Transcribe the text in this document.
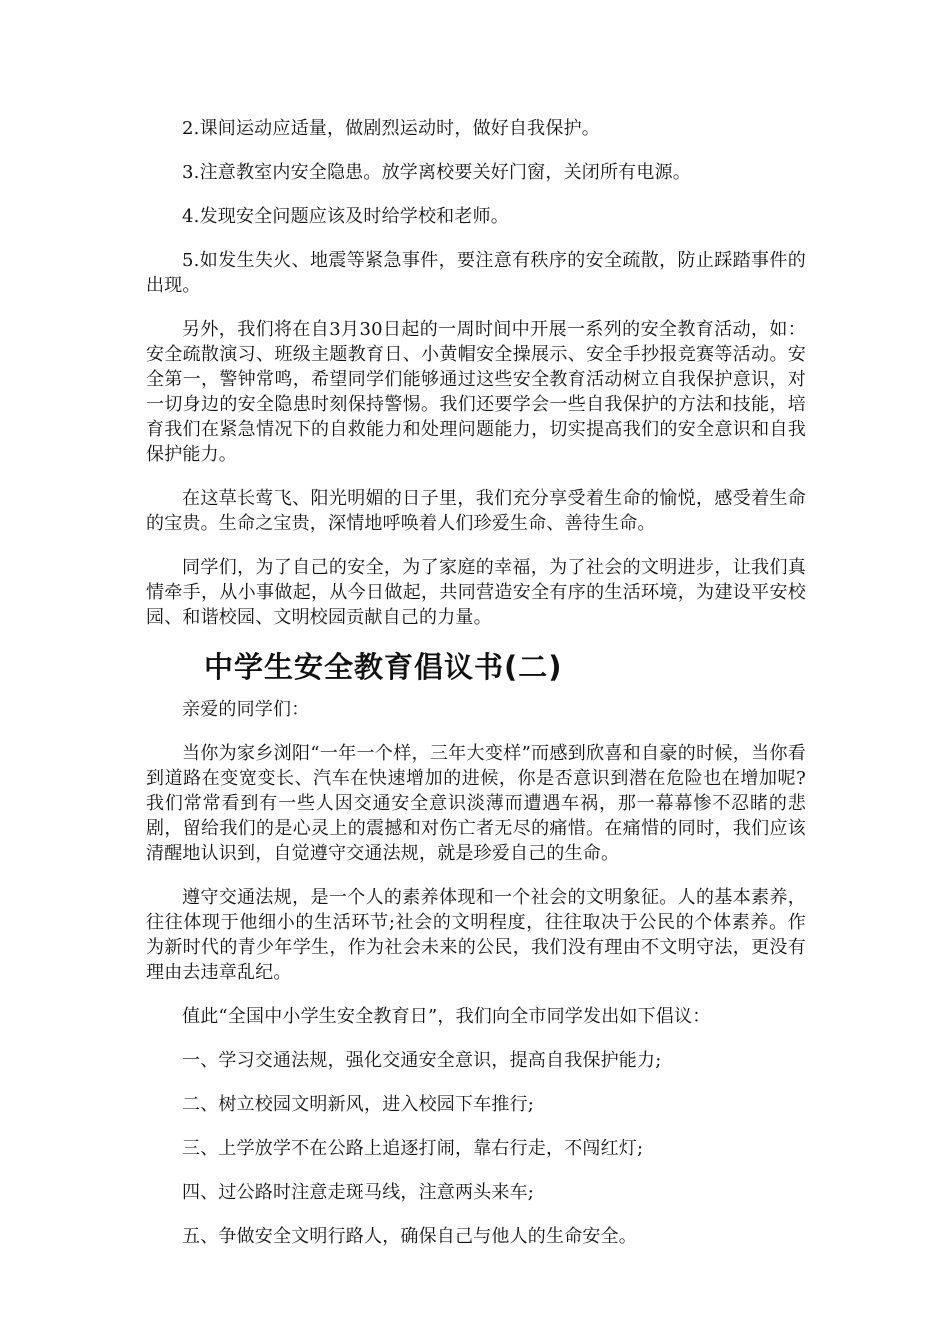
2.课间运动应适量，做剧烈运动时，做好自我保护。

3.注意教室内安全隐患。放学离校要关好门窗，关闭所有电源。

4.发现安全问题应该及时给学校和老师。

5.如发生失火、地震等紧急事件，要注意有秩序的安全疏散，防止踩踏事件的出现。

另外，我们将在自3月30日起的一周时间中开展一系列的安全教育活动，如：安全疏散演习、班级主题教育日、小黄帽安全操展示、安全手抄报竞赛等活动。安全第一，警钟常鸣，希望同学们能够通过这些安全教育活动树立自我保护意识，对一切身边的安全隐患时刻保持警惕。我们还要学会一些自我保护的方法和技能，培育我们在紧急情况下的自救能力和处理问题能力，切实提高我们的安全意识和自我保护能力。

在这草长莺飞、阳光明媚的日子里，我们充分享受着生命的愉悦，感受着生命的宝贵。生命之宝贵，深情地呼唤着人们珍爱生命、善待生命。

同学们，为了自己的安全，为了家庭的幸福，为了社会的文明进步，让我们真情牵手，从小事做起，从今日做起，共同营造安全有序的生活环境，为建设平安校园、和谐校园、文明校园贡献自己的力量。

中学生安全教育倡议书(二)

亲爱的同学们：

当你为家乡浏阳“一年一个样，三年大变样”而感到欣喜和自豪的时候，当你看到道路在变宽变长、汽车在快速增加的进候，你是否意识到潜在危险也在增加呢?我们常常看到有一些人因交通安全意识淡薄而遭遇车祸，那一幕幕惨不忍睹的悲剧，留给我们的是心灵上的震撼和对伤亡者无尽的痛惜。在痛惜的同时，我们应该清醒地认识到，自觉遵守交通法规，就是珍爱自己的生命。

遵守交通法规，是一个人的素养体现和一个社会的文明象征。人的基本素养，往往体现于他细小的生活环节;社会的文明程度，往往取决于公民的个体素养。作为新时代的青少年学生，作为社会未来的公民，我们没有理由不文明守法，更没有理由去违章乱纪。

值此“全国中小学生安全教育日”，我们向全市同学发出如下倡议：

一、学习交通法规，强化交通安全意识，提高自我保护能力;

二、树立校园文明新风，进入校园下车推行;

三、上学放学不在公路上追逐打闹，靠右行走，不闯红灯;

四、过公路时注意走斑马线，注意两头来车;

五、争做安全文明行路人，确保自己与他人的生命安全。
